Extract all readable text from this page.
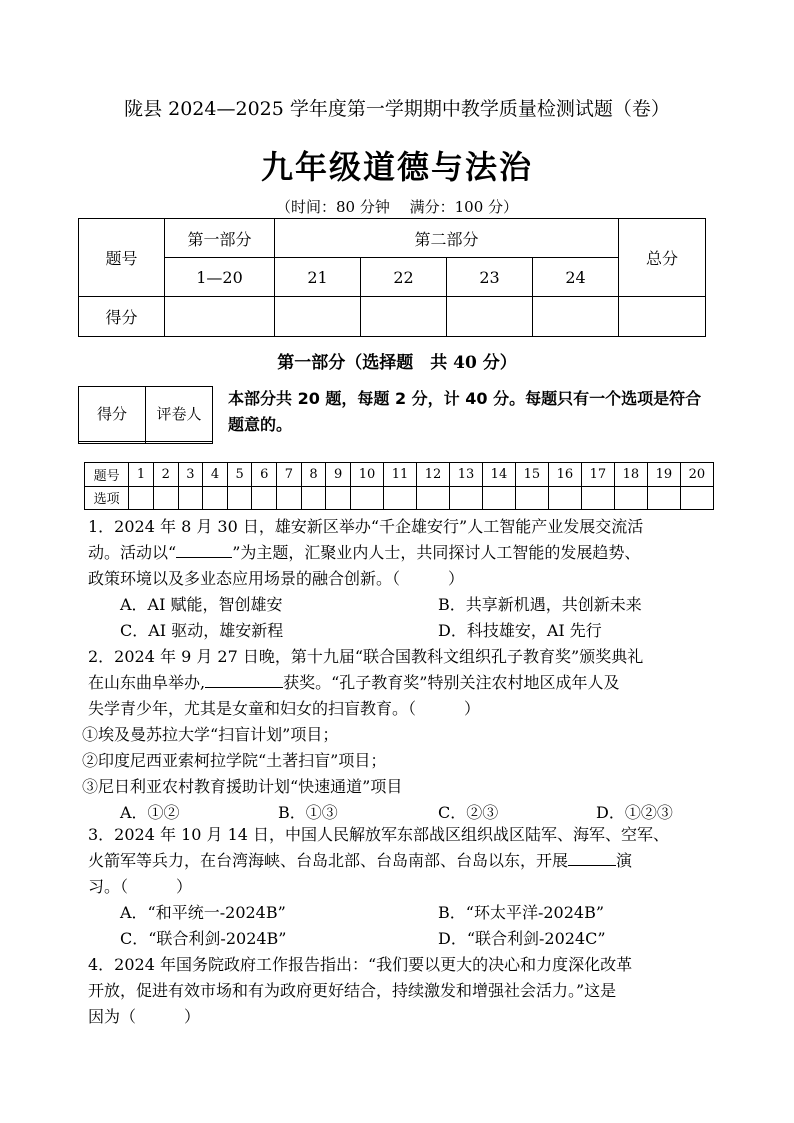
陇县 2024—2025 学年度第一学期期中教学质量检测试题（卷）
九年级道德与法治
（时间：80 分钟　 满分：100 分）
题号	第一部分	第二部分				总分
	1—20	21	22	23	24	
得分						
第一部分（选择题　共 40 分）
得分	评卷人

本部分共 20 题，每题 2 分，计 40 分。每题只有一个选项是符合题意的。
题号	1	2	3	4	5	6	7	8	9	10	11	12	13	14	15	16	17	18	19	20
选项																				
1．2024 年 8 月 30 日，雄安新区举办“千企雄安行”人工智能产业发展交流活
动。活动以“	”为主题，汇聚业内人士，共同探讨人工智能的发展趋势、
政策环境以及多业态应用场景的融合创新。（　　　）
A．AI 赋能，智创雄安	B．共享新机遇，共创新未来
C．AI 驱动，雄安新程	D．科技雄安，AI 先行
2．2024 年 9 月 27 日晚，第十九届“联合国教科文组织孔子教育奖”颁奖典礼
在山东曲阜举办,	获奖。“孔子教育奖”特别关注农村地区成年人及
失学青少年，尤其是女童和妇女的扫盲教育。（　　　）
①埃及曼苏拉大学“扫盲计划”项目；
②印度尼西亚索柯拉学院“土著扫盲”项目；
③尼日利亚农村教育援助计划“快速通道”项目
A．①②	B．①③	C．②③	D．①②③
3．2024 年 10 月 14 日，中国人民解放军东部战区组织战区陆军、海军、空军、
火箭军等兵力，在台湾海峡、台岛北部、台岛南部、台岛以东，开展	演
习。（　　　）
A．“和平统一-2024B”	B．“环太平洋-2024B”
C．“联合利剑-2024B”	D．“联合利剑-2024C”
4．2024 年国务院政府工作报告指出：“我们要以更大的决心和力度深化改革
开放，促进有效市场和有为政府更好结合，持续激发和增强社会活力。”这是
因为（　　　）
